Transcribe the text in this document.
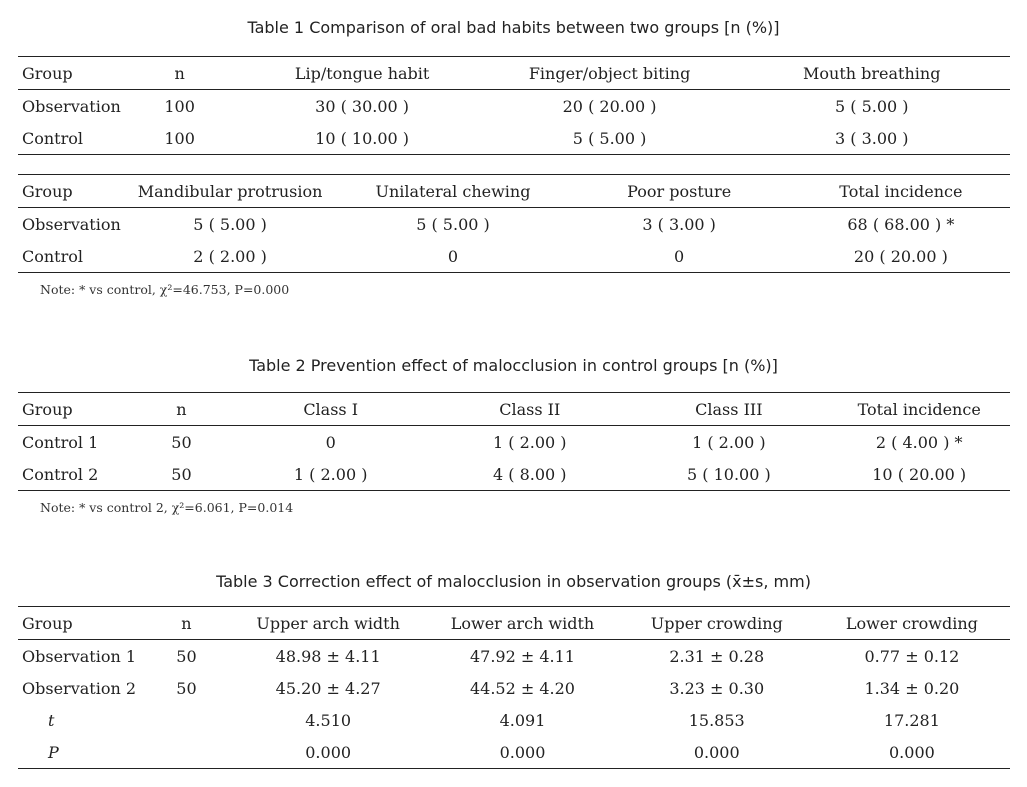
Table 1 Comparison of oral bad habits between two groups [n (%)]
Group	n	Lip/tongue habit	Finger/object biting	Mouth breathing
Observation	100	30 ( 30.00 )	20 ( 20.00 )	5 ( 5.00 )
Control	100	10 ( 10.00 )	5 ( 5.00 )	3 ( 3.00 )
Group	Mandibular protrusion	Unilateral chewing	Poor posture	Total incidence
Observation	5 ( 5.00 )	5 ( 5.00 )	3 ( 3.00 )	68 ( 68.00 ) *
Control	2 ( 2.00 )	0	0	20 ( 20.00 )
Note: * vs control, χ²=46.753, P=0.000
Table 2 Prevention effect of malocclusion in control groups [n (%)]
Group	n	Class I	Class II	Class III	Total incidence
Control 1	50	0	1 ( 2.00 )	1 ( 2.00 )	2 ( 4.00 ) *
Control 2	50	1 ( 2.00 )	4 ( 8.00 )	5 ( 10.00 )	10 ( 20.00 )
Note: * vs control 2, χ²=6.061, P=0.014
Table 3 Correction effect of malocclusion in observation groups (x̄±s, mm)
Group	n	Upper arch width	Lower arch width	Upper crowding	Lower crowding
Observation 1	50	48.98 ± 4.11	47.92 ± 4.11	2.31 ± 0.28	0.77 ± 0.12
Observation 2	50	45.20 ± 4.27	44.52 ± 4.20	3.23 ± 0.30	1.34 ± 0.20
t		4.510	4.091	15.853	17.281
P		0.000	0.000	0.000	0.000
